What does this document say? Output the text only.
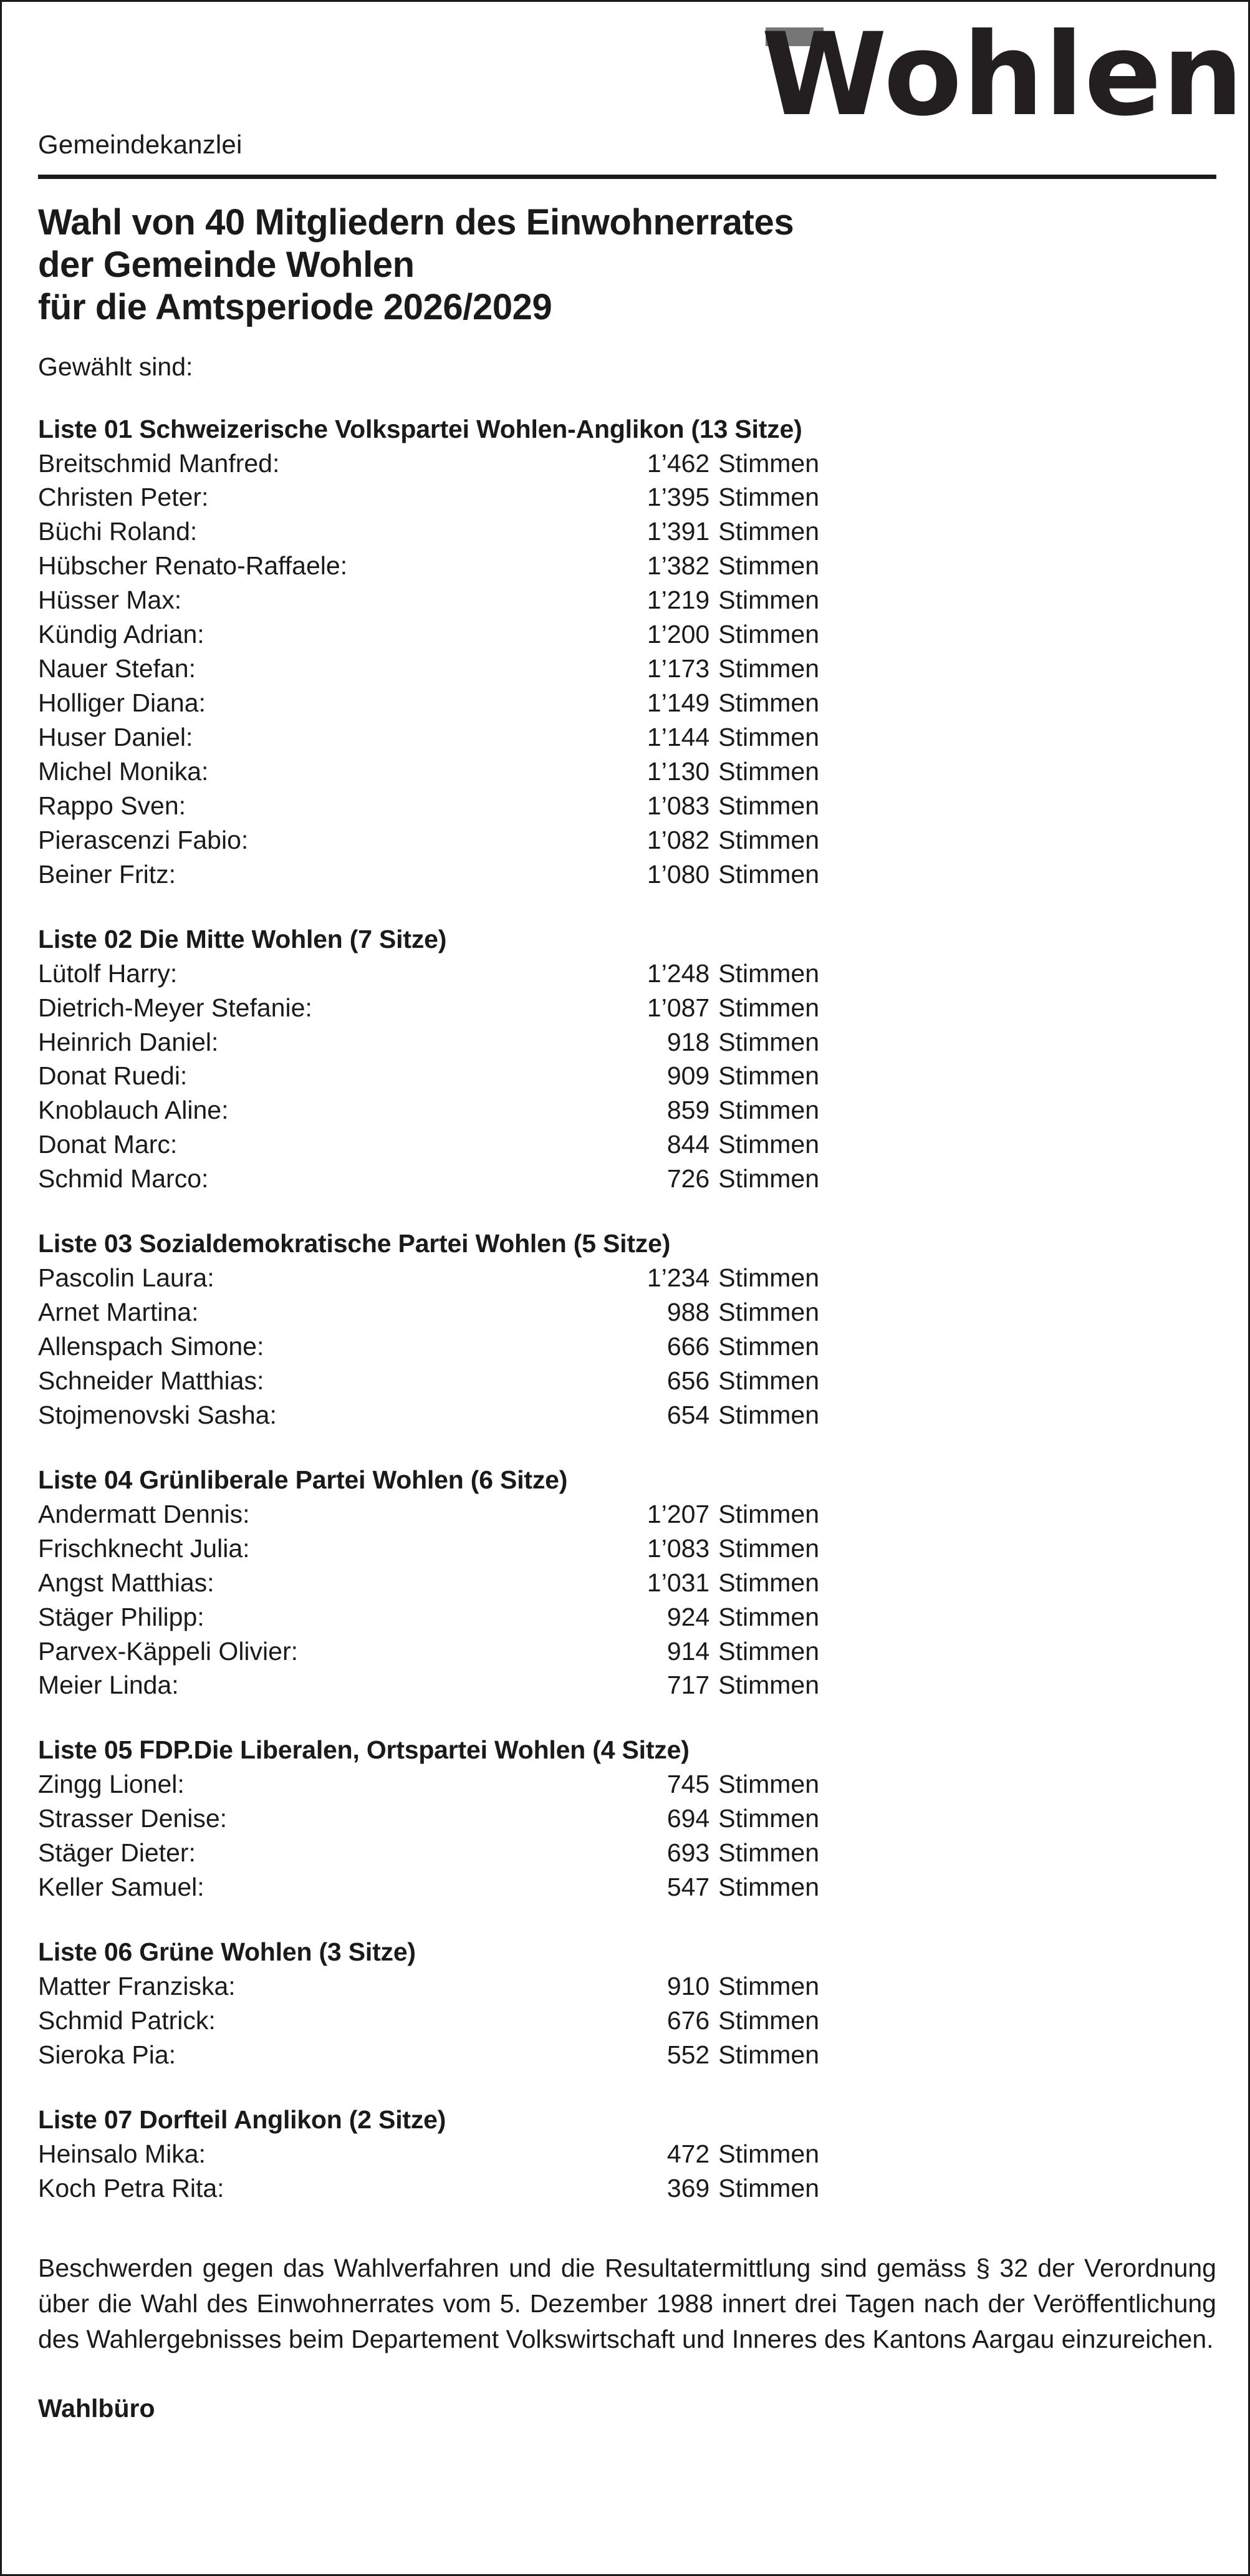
Wohlen
Gemeindekanzlei
Wahl von 40 Mitgliedern des Einwohnerrates
der Gemeinde Wohlen
für die Amtsperiode 2026/2029
Gewählt sind:
Liste 01 Schweizerische Volkspartei Wohlen-Anglikon (13 Sitze)
Breitschmid Manfred:	1’462 Stimmen
Christen Peter:	1’395 Stimmen
Büchi Roland:	1’391 Stimmen
Hübscher Renato-Raffaele:	1’382 Stimmen
Hüsser Max:	1’219 Stimmen
Kündig Adrian:	1’200 Stimmen
Nauer Stefan:	1’173 Stimmen
Holliger Diana:	1’149 Stimmen
Huser Daniel:	1’144 Stimmen
Michel Monika:	1’130 Stimmen
Rappo Sven:	1’083 Stimmen
Pierascenzi Fabio:	1’082 Stimmen
Beiner Fritz:	1’080 Stimmen
Liste 02 Die Mitte Wohlen (7 Sitze)
Lütolf Harry:	1’248 Stimmen
Dietrich-Meyer Stefanie:	1’087 Stimmen
Heinrich Daniel:	918 Stimmen
Donat Ruedi:	909 Stimmen
Knoblauch Aline:	859 Stimmen
Donat Marc:	844 Stimmen
Schmid Marco:	726 Stimmen
Liste 03 Sozialdemokratische Partei Wohlen (5 Sitze)
Pascolin Laura:	1’234 Stimmen
Arnet Martina:	988 Stimmen
Allenspach Simone:	666 Stimmen
Schneider Matthias:	656 Stimmen
Stojmenovski Sasha:	654 Stimmen
Liste 04 Grünliberale Partei Wohlen (6 Sitze)
Andermatt Dennis:	1’207 Stimmen
Frischknecht Julia:	1’083 Stimmen
Angst Matthias:	1’031 Stimmen
Stäger Philipp:	924 Stimmen
Parvex-Käppeli Olivier:	914 Stimmen
Meier Linda:	717 Stimmen
Liste 05 FDP.Die Liberalen, Ortspartei Wohlen (4 Sitze)
Zingg Lionel:	745 Stimmen
Strasser Denise:	694 Stimmen
Stäger Dieter:	693 Stimmen
Keller Samuel:	547 Stimmen
Liste 06 Grüne Wohlen (3 Sitze)
Matter Franziska:	910 Stimmen
Schmid Patrick:	676 Stimmen
Sieroka Pia:	552 Stimmen
Liste 07 Dorfteil Anglikon (2 Sitze)
Heinsalo Mika:	472 Stimmen
Koch Petra Rita:	369 Stimmen

Beschwerden gegen das Wahlverfahren und die Resultatermittlung sind gemäss § 32 der Verordnung über die Wahl des Einwohnerrates vom 5. Dezember 1988 innert drei Tagen nach der Veröffentlichung des Wahlergebnisses beim Departement Volkswirtschaft und Inneres des Kantons Aargau einzureichen.

Wahlbüro
